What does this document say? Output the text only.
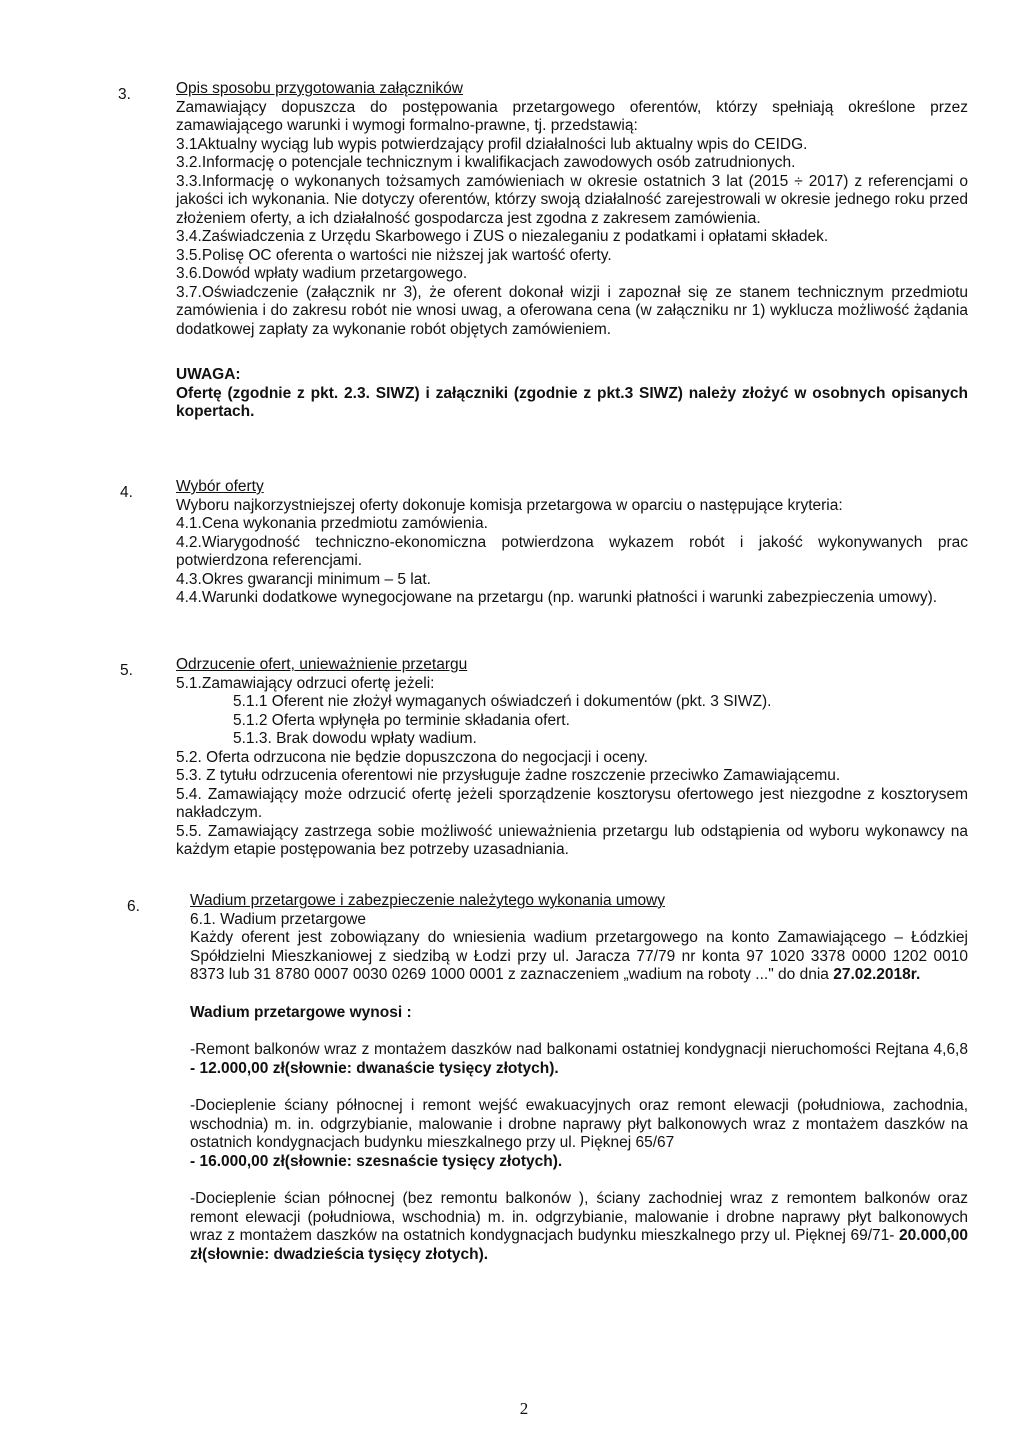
3.	Opis sposobu przygotowania załączników

Zamawiający dopuszcza do postępowania przetargowego oferentów, którzy spełniają określone przez zamawiającego warunki i wymogi formalno-prawne, tj. przedstawią:

3.1Aktualny wyciąg lub wypis potwierdzający profil działalności lub aktualny wpis do CEIDG.

3.2.Informację o potencjale technicznym i kwalifikacjach zawodowych osób zatrudnionych.

3.3.Informację o wykonanych tożsamych zamówieniach w okresie ostatnich 3 lat (2015 ÷ 2017) z referencjami o jakości ich wykonania. Nie dotyczy oferentów, którzy swoją działalność zarejestrowali w okresie jednego roku przed złożeniem oferty, a ich działalność gospodarcza jest zgodna z zakresem zamówienia.

3.4.Zaświadczenia z Urzędu Skarbowego i ZUS o niezaleganiu z podatkami i opłatami składek.

3.5.Polisę OC oferenta o wartości nie niższej jak wartość oferty.

3.6.Dowód wpłaty wadium przetargowego.

3.7.Oświadczenie (załącznik nr 3), że oferent dokonał wizji i zapoznał się ze stanem technicznym przedmiotu zamówienia i do zakresu robót nie wnosi uwag, a oferowana cena (w załączniku nr 1) wyklucza możliwość żądania dodatkowej zapłaty za wykonanie robót objętych zamówieniem.

UWAGA:

Ofertę (zgodnie z pkt. 2.3. SIWZ) i załączniki (zgodnie z pkt.3 SIWZ) należy złożyć w osobnych opisanych kopertach.

4.	Wybór oferty

Wyboru najkorzystniejszej oferty dokonuje komisja przetargowa w oparciu o następujące kryteria:

4.1.Cena wykonania przedmiotu zamówienia.

4.2.Wiarygodność techniczno-ekonomiczna potwierdzona wykazem robót i jakość wykonywanych prac potwierdzona referencjami.

4.3.Okres gwarancji minimum – 5 lat.

4.4.Warunki dodatkowe wynegocjowane na przetargu (np. warunki płatności i warunki zabezpieczenia umowy).

5.	Odrzucenie ofert, unieważnienie przetargu

5.1.Zamawiający odrzuci ofertę jeżeli:

5.1.1 Oferent nie złożył wymaganych oświadczeń i dokumentów (pkt. 3 SIWZ).

5.1.2 Oferta wpłynęła po terminie składania ofert.

5.1.3. Brak dowodu wpłaty wadium.

5.2. Oferta odrzucona nie będzie dopuszczona do negocjacji i oceny.

5.3. Z tytułu odrzucenia oferentowi nie przysługuje żadne roszczenie przeciwko Zamawiającemu.

5.4. Zamawiający może odrzucić ofertę jeżeli sporządzenie kosztorysu ofertowego jest niezgodne z kosztorysem nakładczym.

5.5. Zamawiający zastrzega sobie możliwość unieważnienia przetargu lub odstąpienia od wyboru wykonawcy na każdym etapie postępowania bez potrzeby uzasadniania.

6.	Wadium przetargowe i zabezpieczenie należytego wykonania umowy

6.1. Wadium przetargowe

Każdy oferent jest zobowiązany do wniesienia wadium przetargowego na konto Zamawiającego – Łódzkiej Spółdzielni Mieszkaniowej z siedzibą w Łodzi przy ul. Jaracza 77/79 nr konta 97 1020 3378 0000 1202 0010 8373 lub 31 8780 0007 0030 0269 1000 0001 z zaznaczeniem „wadium na roboty ..." do dnia 27.02.2018r.

Wadium przetargowe wynosi :

-Remont balkonów wraz z montażem daszków nad balkonami ostatniej kondygnacji nieruchomości Rejtana 4,6,8 - 12.000,00 zł(słownie: dwanaście tysięcy złotych).

-Docieplenie ściany północnej i remont wejść ewakuacyjnych oraz remont elewacji (południowa, zachodnia, wschodnia) m. in. odgrzybianie, malowanie i drobne naprawy płyt balkonowych wraz z montażem daszków na ostatnich kondygnacjach budynku mieszkalnego przy ul. Pięknej 65/67
- 16.000,00 zł(słownie: szesnaście tysięcy złotych).

-Docieplenie ścian północnej (bez remontu balkonów ), ściany zachodniej wraz z remontem balkonów oraz remont elewacji (południowa, wschodnia) m. in. odgrzybianie, malowanie i drobne naprawy płyt balkonowych wraz z montażem daszków na ostatnich kondygnacjach budynku mieszkalnego przy ul. Pięknej 69/71- 20.000,00 zł(słownie: dwadzieścia tysięcy złotych).

2
